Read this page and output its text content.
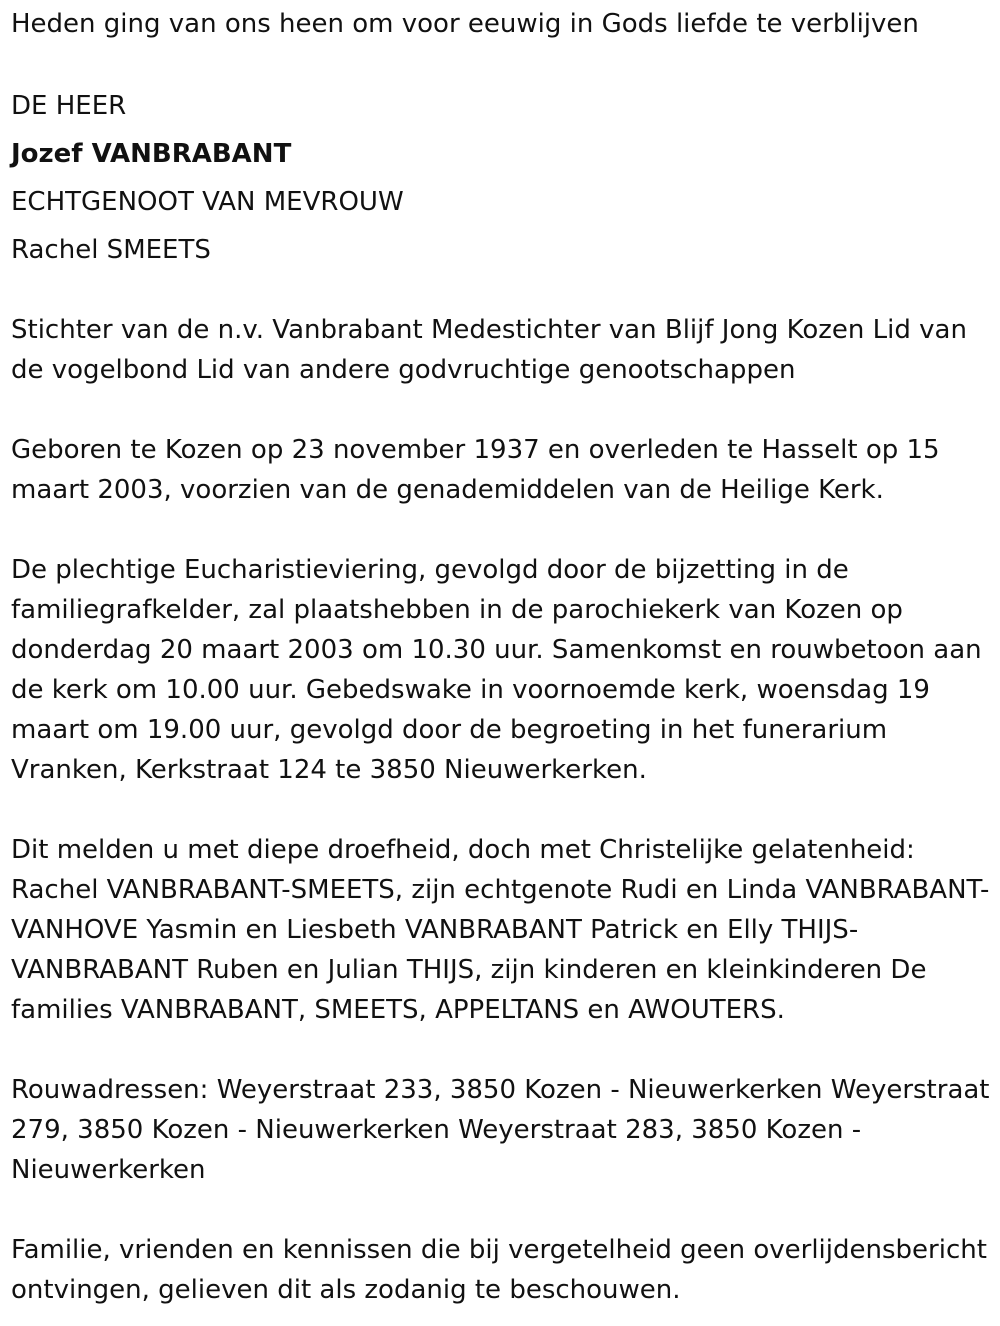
Heden ging van ons heen om voor eeuwig in Gods liefde te verblijven

DE HEER

Jozef VANBRABANT

ECHTGENOOT VAN MEVROUW

Rachel SMEETS

Stichter van de n.v. Vanbrabant Medestichter van Blijf Jong Kozen Lid van de vogelbond Lid van andere godvruchtige genootschappen

Geboren te Kozen op 23 november 1937 en overleden te Hasselt op 15 maart 2003, voorzien van de genademiddelen van de Heilige Kerk.

De plechtige Eucharistieviering, gevolgd door de bijzetting in de familiegrafkelder, zal plaatshebben in de parochiekerk van Kozen op donderdag 20 maart 2003 om 10.30 uur. Samenkomst en rouwbetoon aan de kerk om 10.00 uur. Gebedswake in voornoemde kerk, woensdag 19 maart om 19.00 uur, gevolgd door de begroeting in het funerarium Vranken, Kerkstraat 124 te 3850 Nieuwerkerken.

Dit melden u met diepe droefheid, doch met Christelijke gelatenheid: Rachel VANBRABANT-SMEETS, zijn echtgenote Rudi en Linda VANBRABANT-VANHOVE Yasmin en Liesbeth VANBRABANT Patrick en Elly THIJS-VANBRABANT Ruben en Julian THIJS, zijn kinderen en kleinkinderen De families VANBRABANT, SMEETS, APPELTANS en AWOUTERS.

Rouwadressen: Weyerstraat 233, 3850 Kozen - Nieuwerkerken Weyerstraat 279, 3850 Kozen - Nieuwerkerken Weyerstraat 283, 3850 Kozen - Nieuwerkerken

Familie, vrienden en kennissen die bij vergetelheid geen overlijdensbericht ontvingen, gelieven dit als zodanig te beschouwen.
